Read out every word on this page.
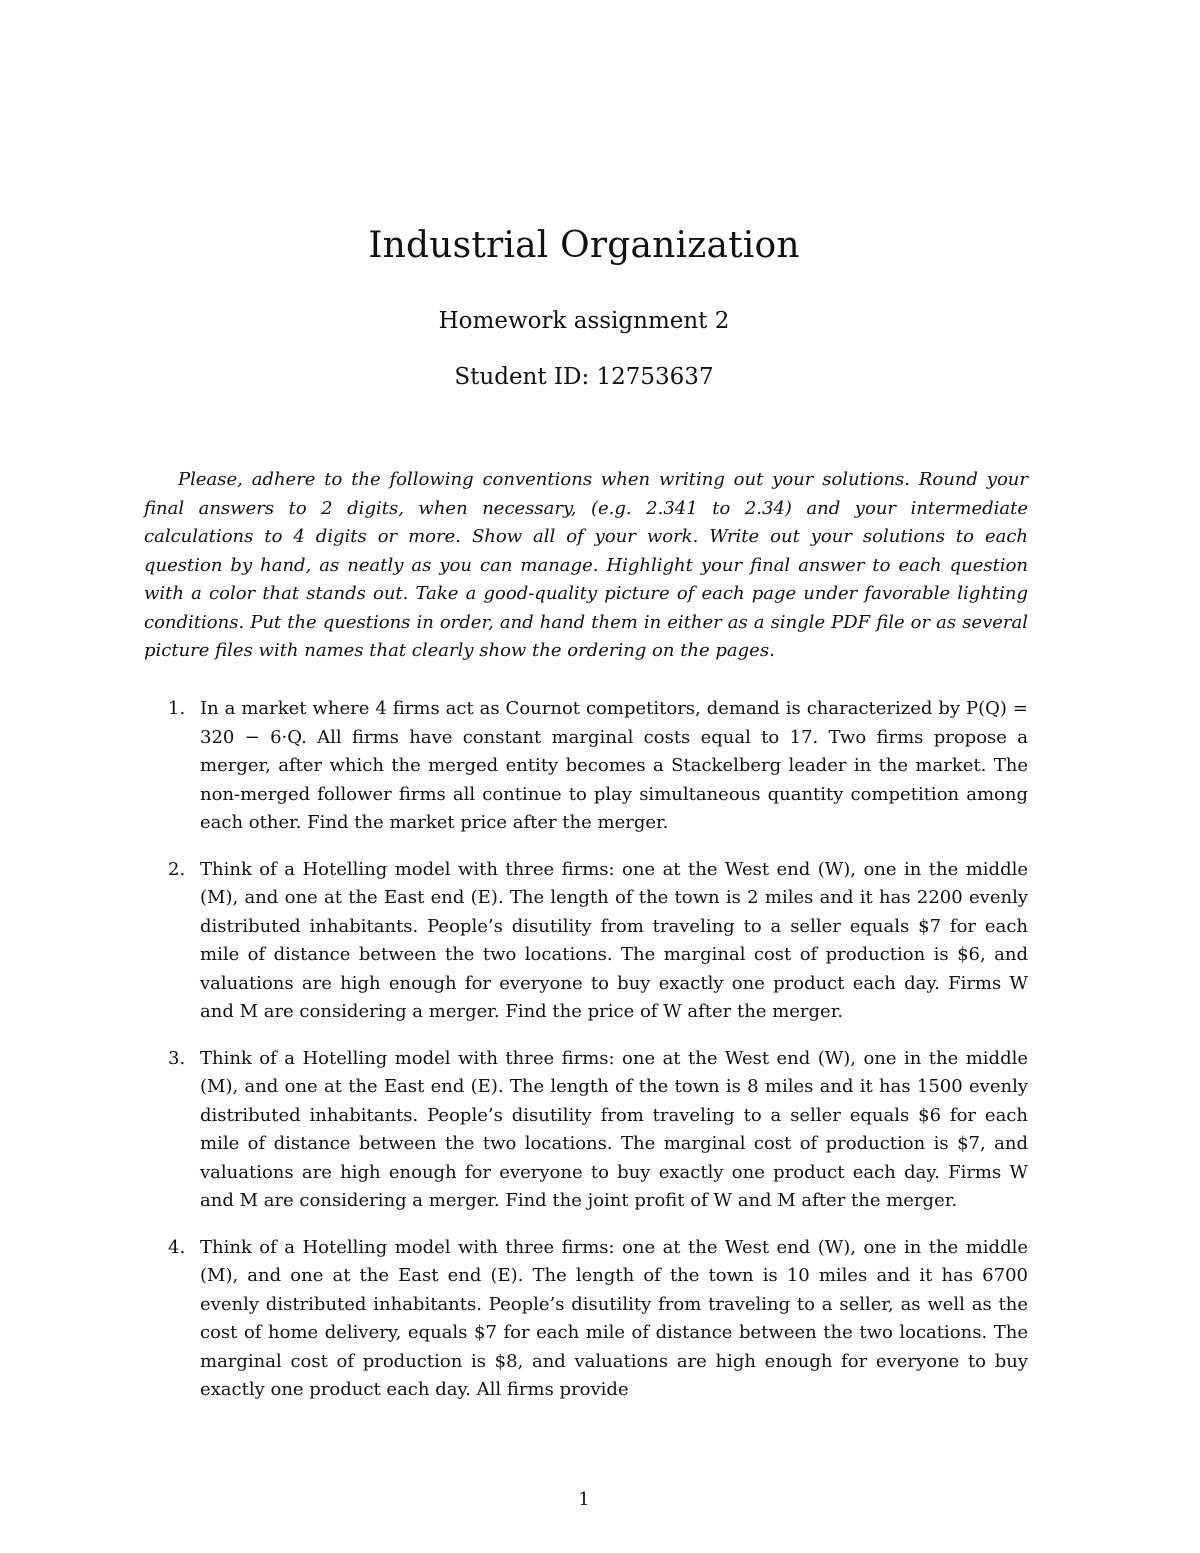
Industrial Organization
Homework assignment 2
Student ID: 12753637

Please, adhere to the following conventions when writing out your solutions. Round your final answers to 2 digits, when necessary, (e.g. 2.341 to 2.34) and your intermediate calculations to 4 digits or more. Show all of your work. Write out your solutions to each question by hand, as neatly as you can manage. Highlight your final answer to each question with a color that stands out. Take a good-quality picture of each page under favorable lighting conditions. Put the questions in order, and hand them in either as a single PDF file or as several picture files with names that clearly show the ordering on the pages.

1. In a market where 4 firms act as Cournot competitors, demand is characterized by P(Q) = 320 − 6·Q. All firms have constant marginal costs equal to 17. Two firms propose a merger, after which the merged entity becomes a Stackelberg leader in the market. The non-merged follower firms all continue to play simultaneous quantity competition among each other. Find the market price after the merger.
2. Think of a Hotelling model with three firms: one at the West end (W), one in the middle (M), and one at the East end (E). The length of the town is 2 miles and it has 2200 evenly distributed inhabitants. People’s disutility from traveling to a seller equals $7 for each mile of distance between the two locations. The marginal cost of production is $6, and valuations are high enough for everyone to buy exactly one product each day. Firms W and M are considering a merger. Find the price of W after the merger.
3. Think of a Hotelling model with three firms: one at the West end (W), one in the middle (M), and one at the East end (E). The length of the town is 8 miles and it has 1500 evenly distributed inhabitants. People’s disutility from traveling to a seller equals $6 for each mile of distance between the two locations. The marginal cost of production is $7, and valuations are high enough for everyone to buy exactly one product each day. Firms W and M are considering a merger. Find the joint profit of W and M after the merger.
4. Think of a Hotelling model with three firms: one at the West end (W), one in the middle (M), and one at the East end (E). The length of the town is 10 miles and it has 6700 evenly distributed inhabitants. People’s disutility from traveling to a seller, as well as the cost of home delivery, equals $7 for each mile of distance between the two locations. The marginal cost of production is $8, and valuations are high enough for everyone to buy exactly one product each day. All firms provide
1
